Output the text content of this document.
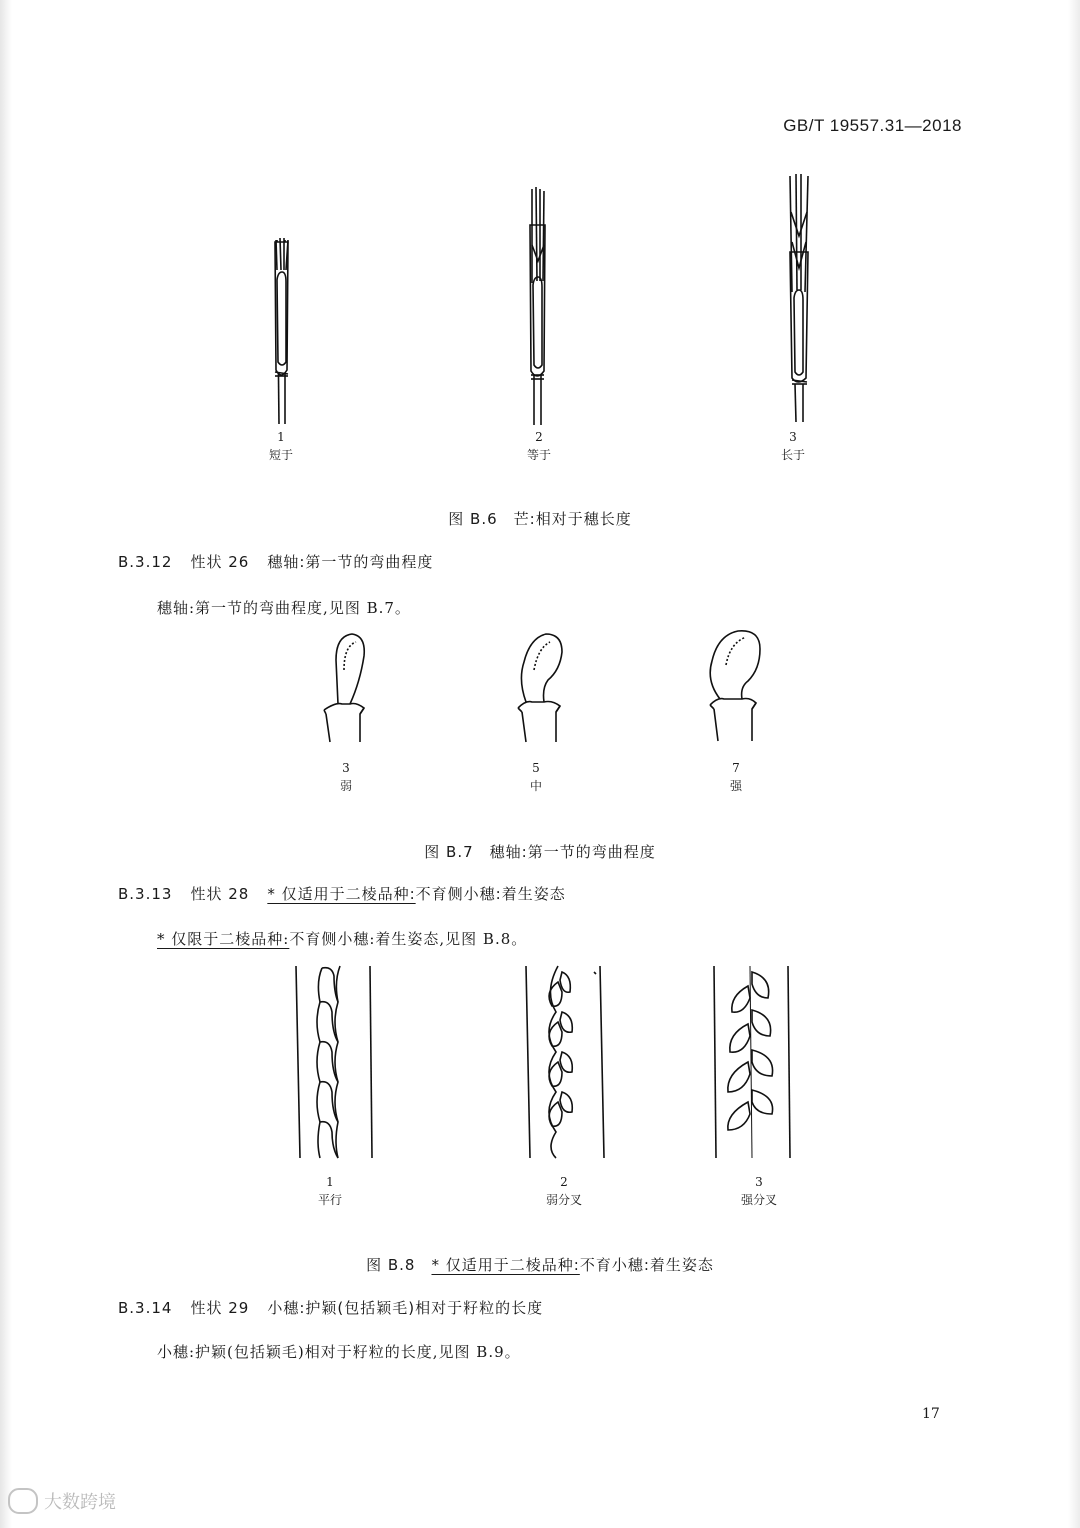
GB/T 19557.31—2018
1
短于
2
等于
3
长于
图 B.6 芒:相对于穗长度
B.3.12 性状 26 穗轴:第一节的弯曲程度
穗轴:第一节的弯曲程度,见图 B.7。
3
弱
5
中
7
强
图 B.7 穗轴:第一节的弯曲程度
B.3.13 性状 28 * 仅适用于二棱品种:不育侧小穗:着生姿态
* 仅限于二棱品种:不育侧小穗:着生姿态,见图 B.8。
1
平行
2
弱分叉
3
强分叉
图 B.8 * 仅适用于二棱品种:不育小穗:着生姿态
B.3.14 性状 29 小穗:护颖(包括颖毛)相对于籽粒的长度
小穗:护颖(包括颖毛)相对于籽粒的长度,见图 B.9。
17
大数跨境
